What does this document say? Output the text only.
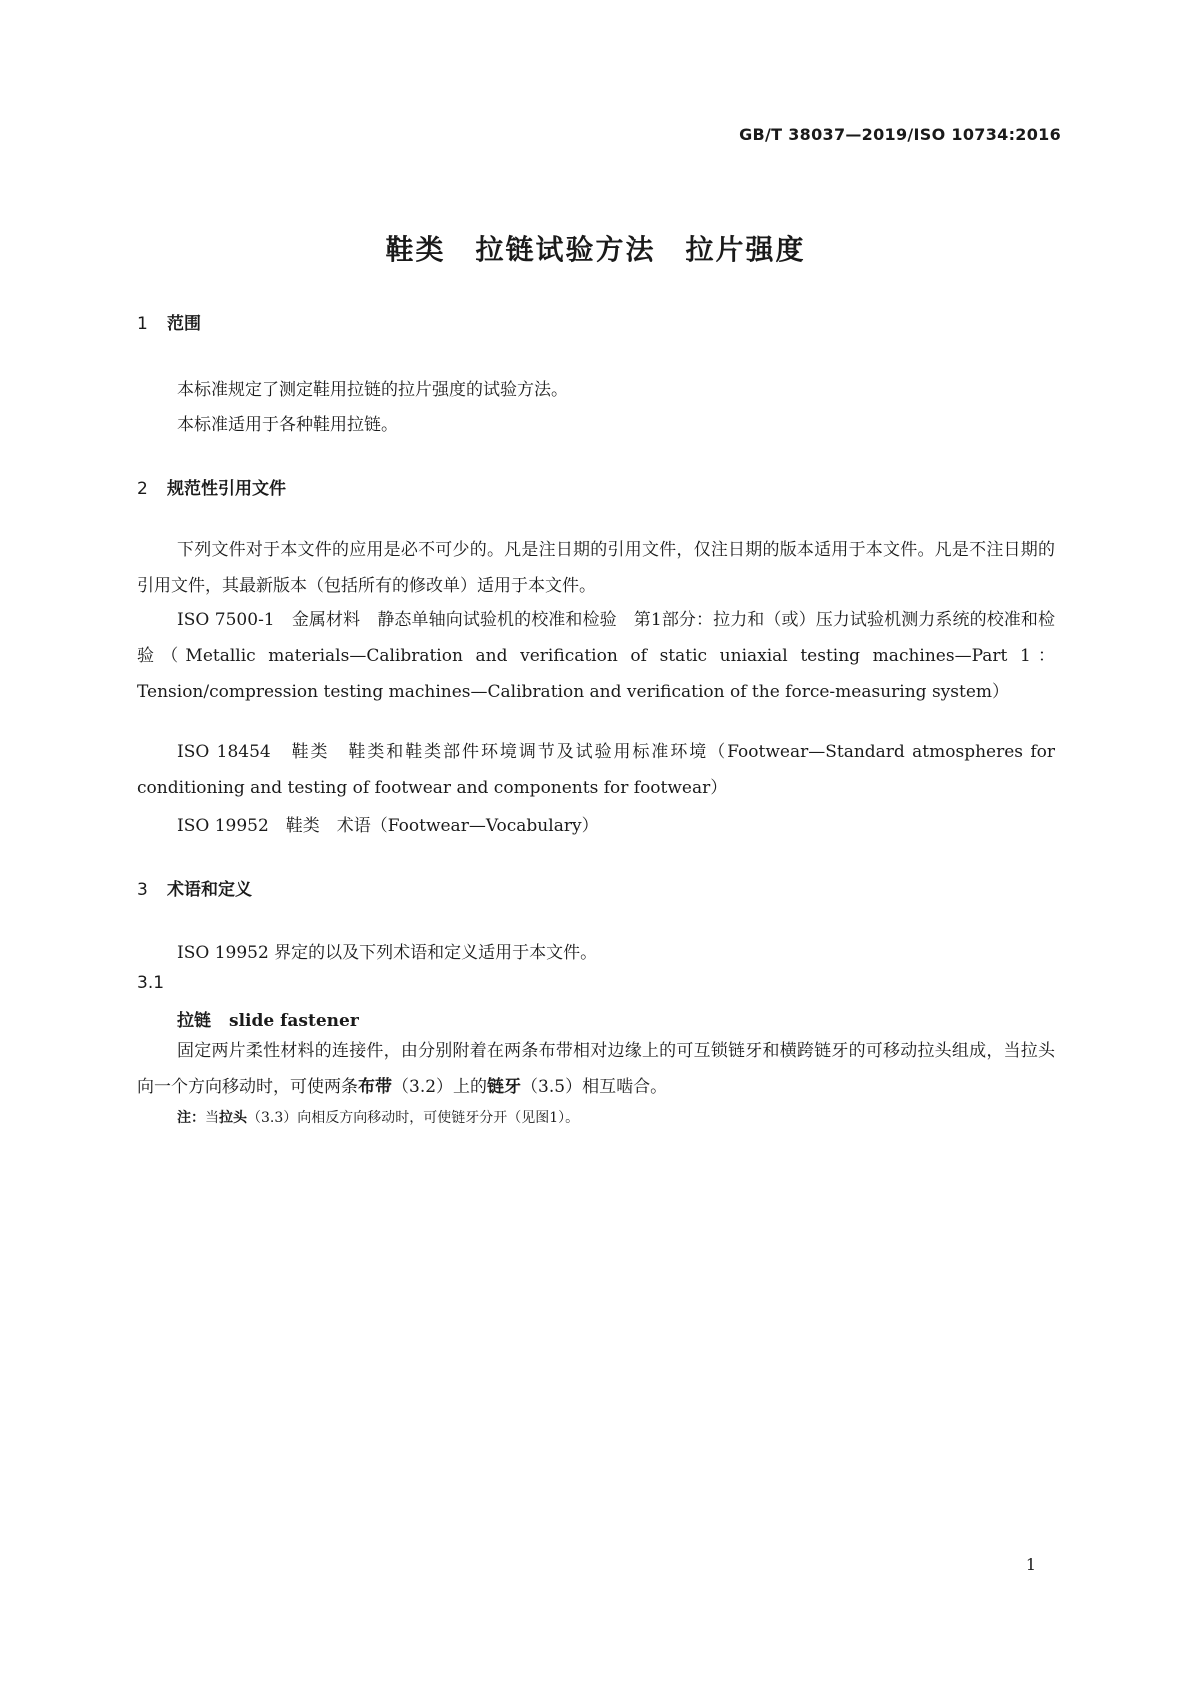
GB/T 38037—2019/ISO 10734:2016
鞋类 拉链试验方法 拉片强度
1 范围
本标准规定了测定鞋用拉链的拉片强度的试验方法。
本标准适用于各种鞋用拉链。
2 规范性引用文件
下列文件对于本文件的应用是必不可少的。凡是注日期的引用文件，仅注日期的版本适用于本文件。凡是不注日期的引用文件，其最新版本（包括所有的修改单）适用于本文件。
ISO 7500-1　金属材料　静态单轴向试验机的校准和检验　第1部分：拉力和（或）压力试验机测力系统的校准和检验（Metallic materials—Calibration and verification of static uniaxial testing machines—Part 1：Tension/compression testing machines—Calibration and verification of the force-measuring system）
ISO 18454　鞋类　鞋类和鞋类部件环境调节及试验用标准环境（Footwear—Standard atmospheres for conditioning and testing of footwear and components for footwear）
ISO 19952　鞋类　术语（Footwear—Vocabulary）
3 术语和定义
ISO 19952 界定的以及下列术语和定义适用于本文件。
3.1
拉链 slide fastener
固定两片柔性材料的连接件，由分别附着在两条布带相对边缘上的可互锁链牙和横跨链牙的可移动拉头组成，当拉头向一个方向移动时，可使两条布带（3.2）上的链牙（3.5）相互啮合。
注：当拉头（3.3）向相反方向移动时，可使链牙分开（见图1）。
1
